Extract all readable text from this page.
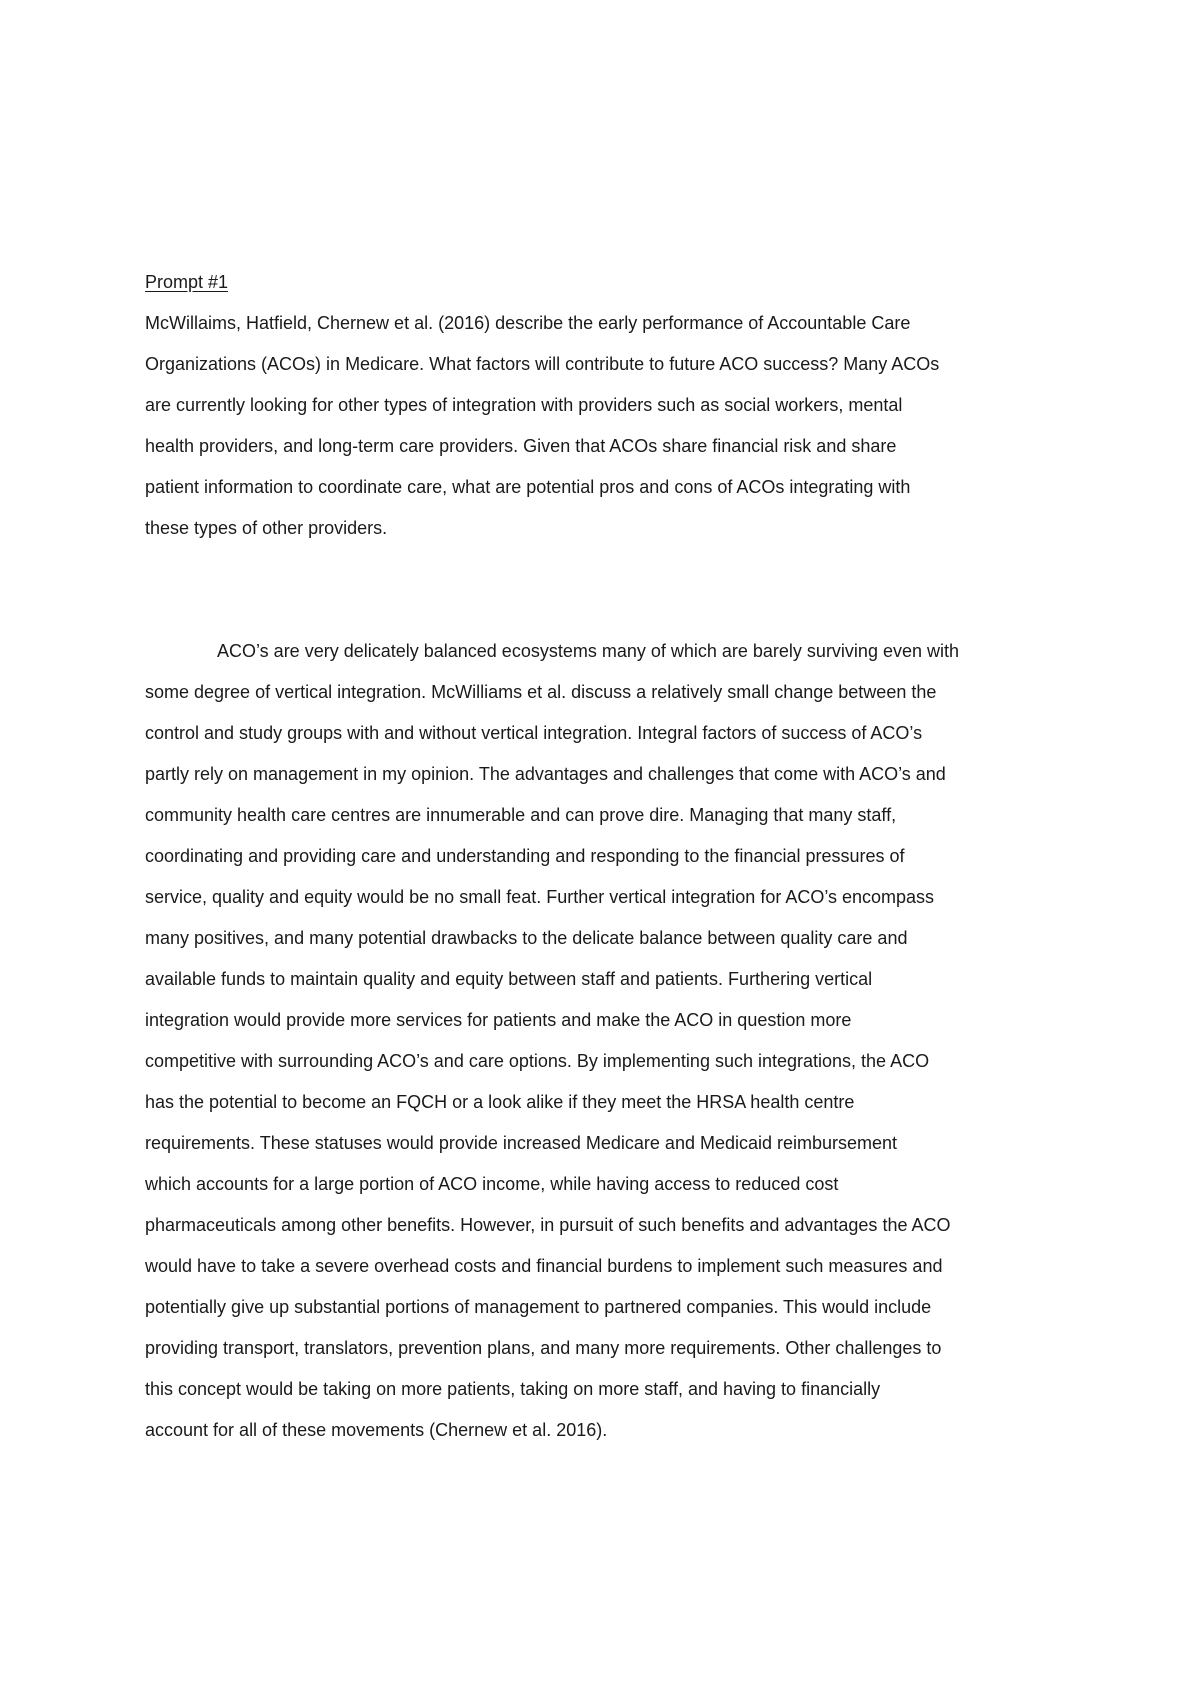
Prompt #1
McWillaims, Hatfield, Chernew et al. (2016) describe the early performance of Accountable Care
Organizations (ACOs) in Medicare. What factors will contribute to future ACO success? Many ACOs
are currently looking for other types of integration with providers such as social workers, mental
health providers, and long-term care providers. Given that ACOs share financial risk and share
patient information to coordinate care, what are potential pros and cons of ACOs integrating with
these types of other providers.
ACO’s are very delicately balanced ecosystems many of which are barely surviving even with
some degree of vertical integration. McWilliams et al. discuss a relatively small change between the
control and study groups with and without vertical integration. Integral factors of success of ACO’s
partly rely on management in my opinion. The advantages and challenges that come with ACO’s and
community health care centres are innumerable and can prove dire. Managing that many staff,
coordinating and providing care and understanding and responding to the financial pressures of
service, quality and equity would be no small feat. Further vertical integration for ACO’s encompass
many positives, and many potential drawbacks to the delicate balance between quality care and
available funds to maintain quality and equity between staff and patients. Furthering vertical
integration would provide more services for patients and make the ACO in question more
competitive with surrounding ACO’s and care options. By implementing such integrations, the ACO
has the potential to become an FQCH or a look alike if they meet the HRSA health centre
requirements. These statuses would provide increased Medicare and Medicaid reimbursement
which accounts for a large portion of ACO income, while having access to reduced cost
pharmaceuticals among other benefits. However, in pursuit of such benefits and advantages the ACO
would have to take a severe overhead costs and financial burdens to implement such measures and
potentially give up substantial portions of management to partnered companies. This would include
providing transport, translators, prevention plans, and many more requirements. Other challenges to
this concept would be taking on more patients, taking on more staff, and having to financially
account for all of these movements (Chernew et al. 2016).
